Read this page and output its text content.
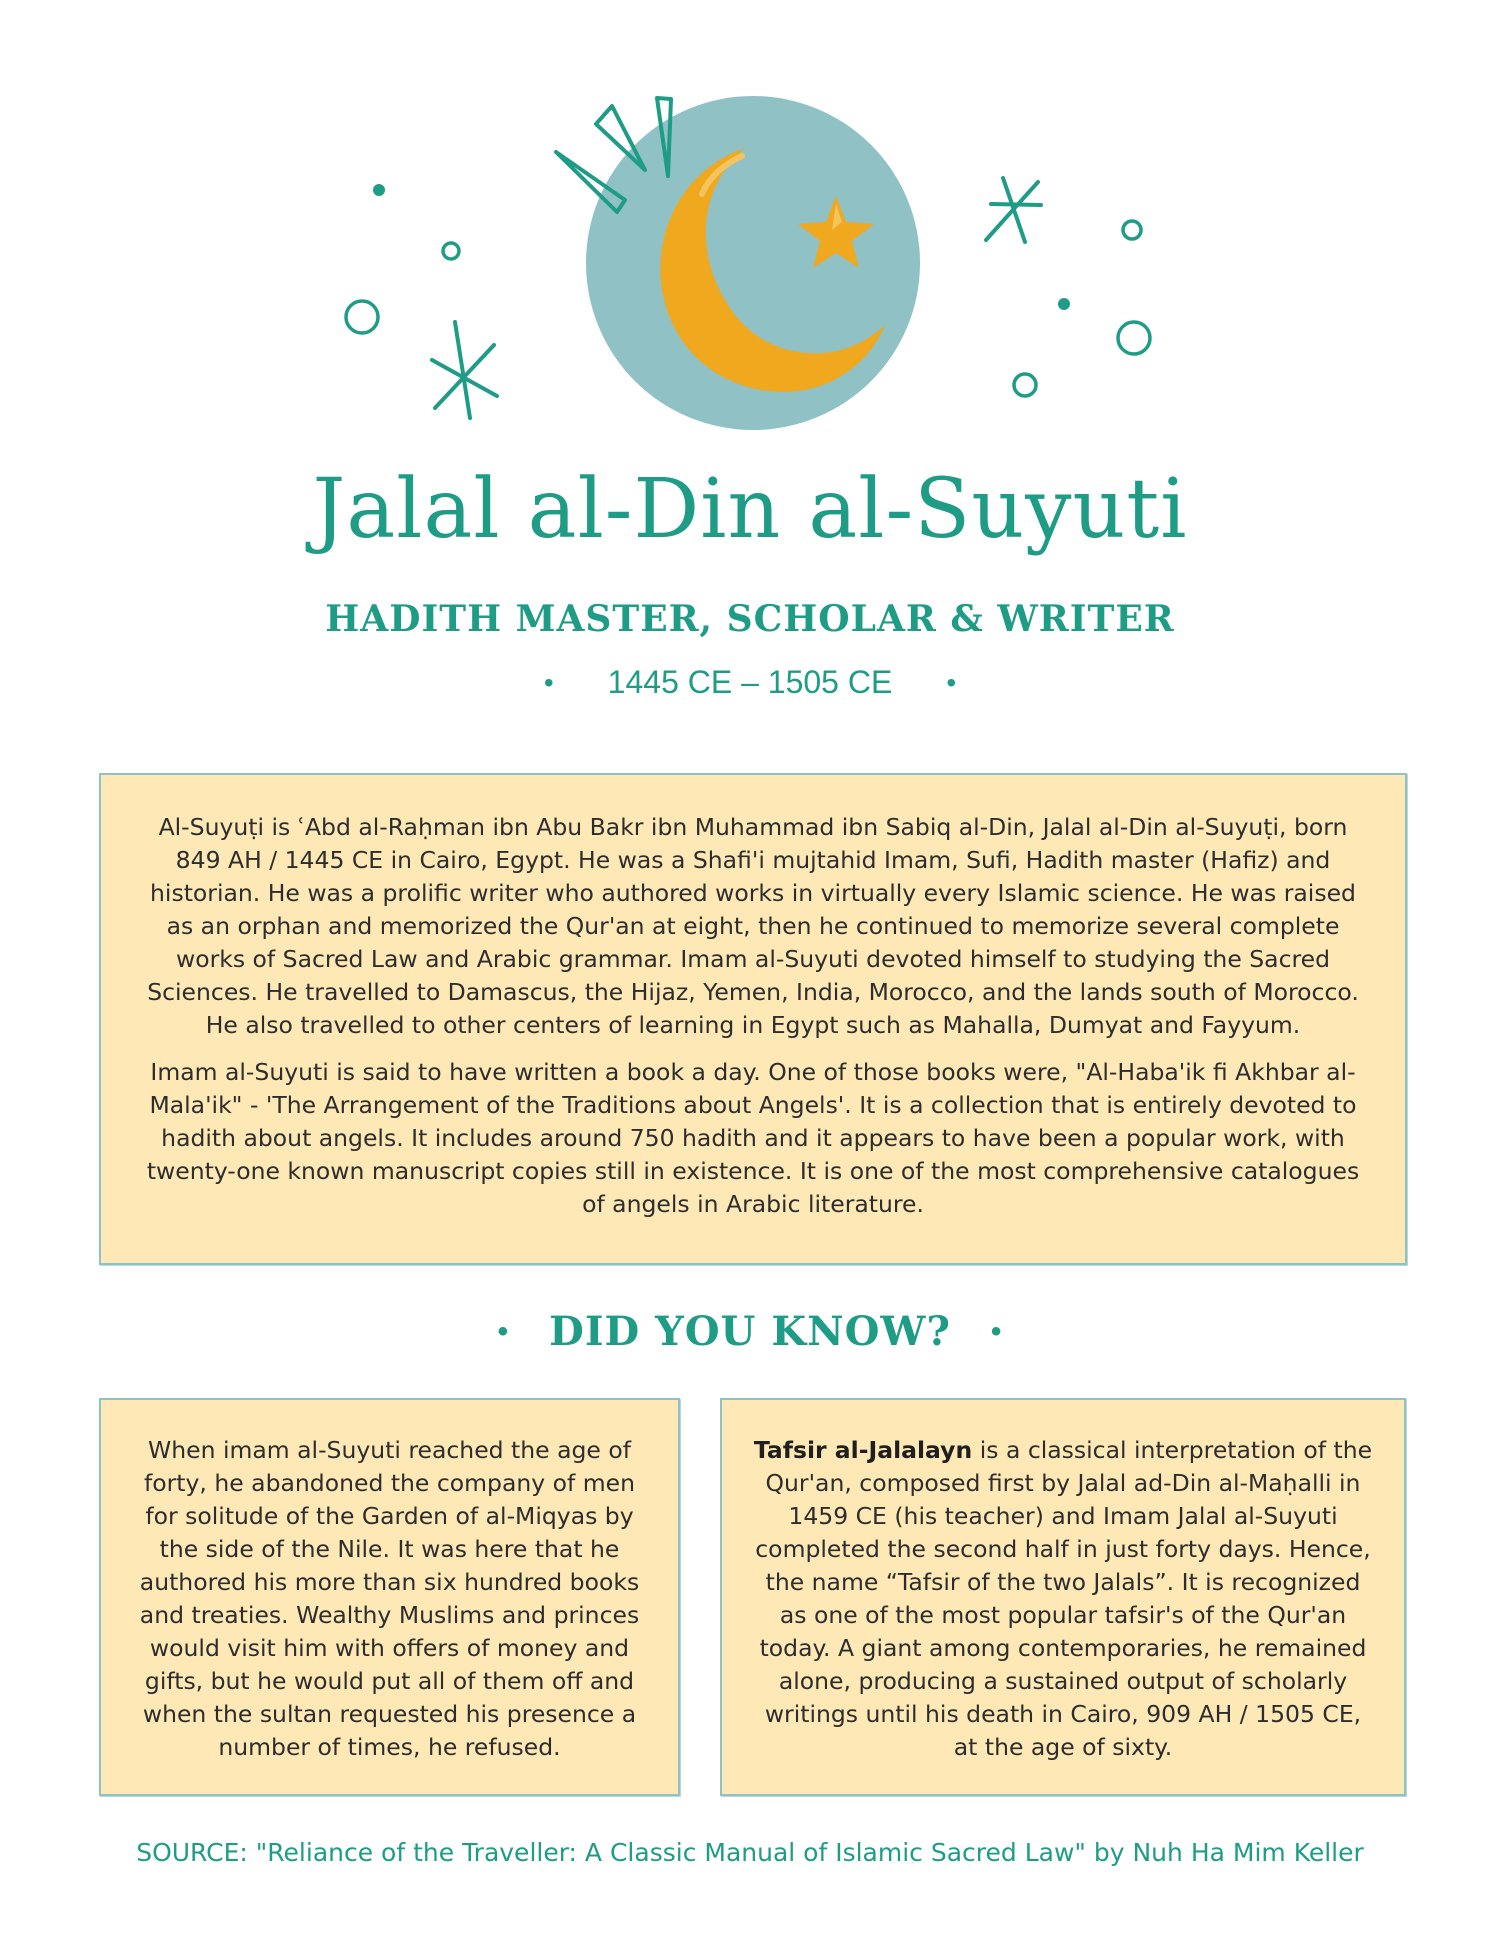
Jalal al-Din al-Suyuti
HADITH MASTER, SCHOLAR & WRITER
• 1445 CE – 1505 CE •

Al-Suyuṭi is ʿAbd al-Raḥman ibn Abu Bakr ibn Muhammad ibn Sabiq al-Din, Jalal al-Din al-Suyuṭi, born 849 AH / 1445 CE in Cairo, Egypt. He was a Shafi'i mujtahid Imam, Sufi, Hadith master (Hafiz) and historian. He was a prolific writer who authored works in virtually every Islamic science. He was raised as an orphan and memorized the Qur'an at eight, then he continued to memorize several complete works of Sacred Law and Arabic grammar. Imam al-Suyuti devoted himself to studying the Sacred Sciences. He travelled to Damascus, the Hijaz, Yemen, India, Morocco, and the lands south of Morocco. He also travelled to other centers of learning in Egypt such as Mahalla, Dumyat and Fayyum.

Imam al-Suyuti is said to have written a book a day. One of those books were, "Al-Haba'ik fi Akhbar al-Mala'ik" - 'The Arrangement of the Traditions about Angels'. It is a collection that is entirely devoted to hadith about angels. It includes around 750 hadith and it appears to have been a popular work, with twenty-one known manuscript copies still in existence. It is one of the most comprehensive catalogues of angels in Arabic literature.

• DID YOU KNOW? •

When imam al-Suyuti reached the age of forty, he abandoned the company of men for solitude of the Garden of al-Miqyas by the side of the Nile. It was here that he authored his more than six hundred books and treaties. Wealthy Muslims and princes would visit him with offers of money and gifts, but he would put all of them off and when the sultan requested his presence a number of times, he refused.

Tafsir al-Jalalayn is a classical interpretation of the Qur'an, composed first by Jalal ad-Din al-Maḥalli in 1459 CE (his teacher) and Imam Jalal al-Suyuti completed the second half in just forty days. Hence, the name “Tafsir of the two Jalals”. It is recognized as one of the most popular tafsir's of the Qur'an today. A giant among contemporaries, he remained alone, producing a sustained output of scholarly writings until his death in Cairo, 909 AH / 1505 CE, at the age of sixty.

SOURCE: "Reliance of the Traveller: A Classic Manual of Islamic Sacred Law" by Nuh Ha Mim Keller
